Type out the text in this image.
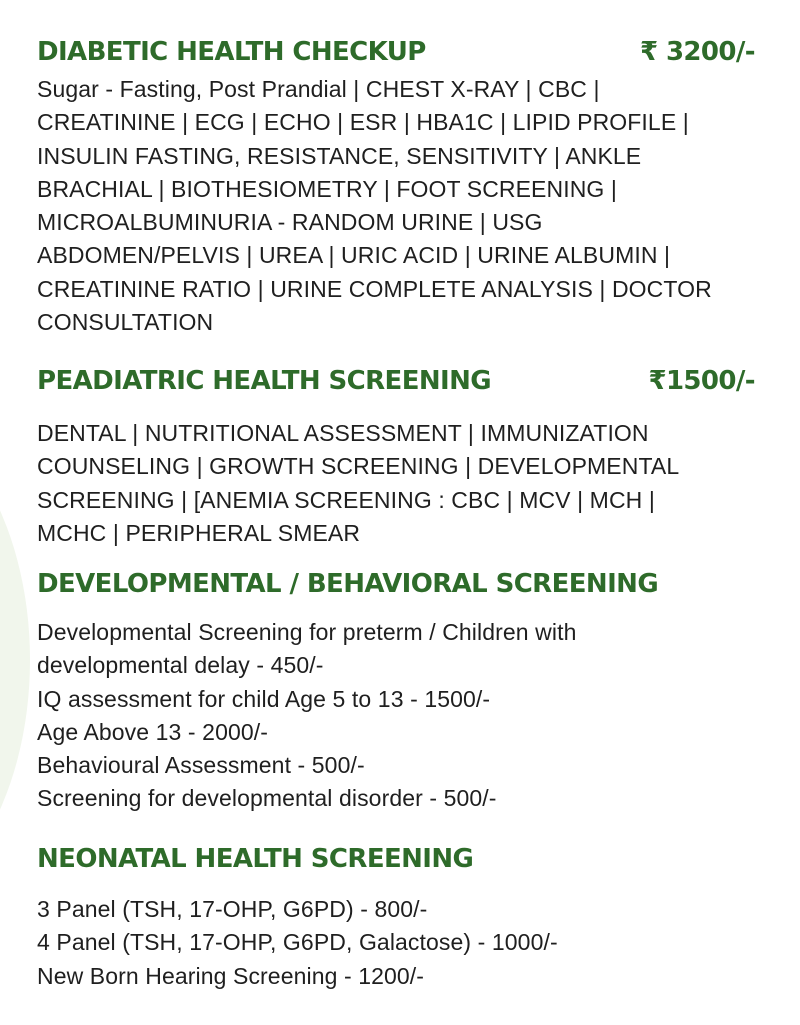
DIABETIC HEALTH CHECKUP	₹ 3200/-
Sugar - Fasting, Post Prandial | CHEST X-RAY | CBC |
CREATININE | ECG | ECHO | ESR | HBA1C | LIPID PROFILE |
INSULIN FASTING, RESISTANCE, SENSITIVITY | ANKLE
BRACHIAL | BIOTHESIOMETRY | FOOT SCREENING |
MICROALBUMINURIA - RANDOM URINE | USG
ABDOMEN/PELVIS | UREA | URIC ACID | URINE ALBUMIN |
CREATININE RATIO | URINE COMPLETE ANALYSIS | DOCTOR
CONSULTATION
PEADIATRIC HEALTH SCREENING	₹1500/-
DENTAL | NUTRITIONAL ASSESSMENT | IMMUNIZATION
COUNSELING | GROWTH SCREENING | DEVELOPMENTAL
SCREENING | [ANEMIA SCREENING : CBC | MCV | MCH |
MCHC | PERIPHERAL SMEAR
DEVELOPMENTAL / BEHAVIORAL SCREENING
Developmental Screening for preterm / Children with
developmental delay - 450/-
IQ assessment for child Age 5 to 13 - 1500/-
Age Above 13 - 2000/-
Behavioural Assessment - 500/-
Screening for developmental disorder - 500/-
NEONATAL HEALTH SCREENING
3 Panel (TSH, 17-OHP, G6PD) - 800/-
4 Panel (TSH, 17-OHP, G6PD, Galactose) - 1000/-
New Born Hearing Screening - 1200/-
